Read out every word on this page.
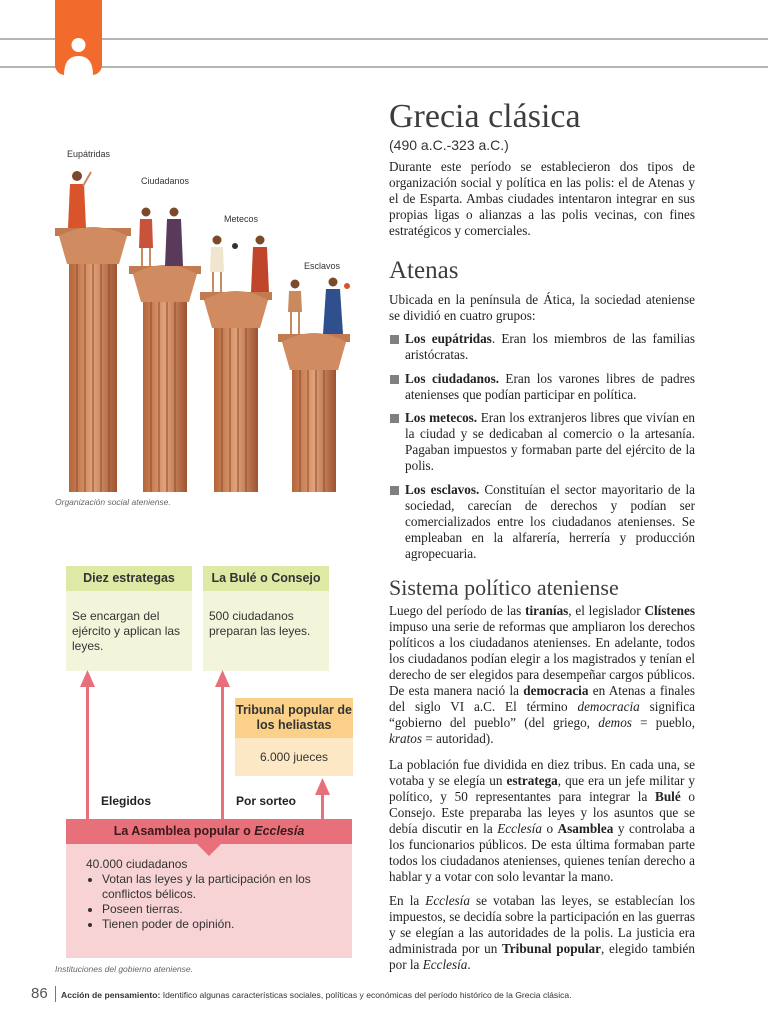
Eupátridas
Ciudadanos
Metecos
Esclavos
Organización social ateniense.
Grecia clásica
(490 a.C.-323 a.C.)
Durante este período se establecieron dos tipos de organización social y política en las polis: el de Atenas y el de Esparta. Ambas ciudades intentaron integrar en sus propias ligas o alianzas a las polis vecinas, con fines estratégicos y comerciales.
Atenas
Ubicada en la península de Ática, la sociedad ateniense se dividió en cuatro grupos:
Los eupátridas. Eran los miembros de las familias aristócratas.
Los ciudadanos. Eran los varones libres de padres atenienses que podían participar en política.
Los metecos. Eran los extranjeros libres que vivían en la ciudad y se dedicaban al comercio o la artesanía. Pagaban impuestos y formaban parte del ejército de la polis.
Los esclavos. Constituían el sector mayoritario de la sociedad, carecían de derechos y podían ser comercializados entre los ciudadanos atenienses. Se empleaban en la alfarería, herrería y producción agropecuaria.
Sistema político ateniense
Luego del período de las tiranías, el legislador Clístenes impuso una serie de reformas que ampliaron los derechos políticos a los ciudadanos atenienses. En adelante, todos los ciudadanos podían elegir a los magistrados y tenían el derecho de ser elegidos para desempeñar cargos públicos. De esta manera nació la democracia en Atenas a finales del siglo VI a.C. El término democracia significa “gobierno del pueblo” (del griego, demos = pueblo, kratos = autoridad).
La población fue dividida en diez tribus. En cada una, se votaba y se elegía un estratega, que era un jefe militar y político, y 50 representantes para integrar la Bulé o Consejo. Este preparaba las leyes y los asuntos que se debía discutir en la Ecclesía o Asamblea y controlaba a los funcionarios públicos. De esta última formaban parte todos los ciudadanos atenienses, quienes tenían derecho a hablar y a votar con solo levantar la mano.
En la Ecclesía se votaban las leyes, se establecían los impuestos, se decidía sobre la participación en las guerras y se elegían a las autoridades de la polis. La justicia era administrada por un Tribunal popular, elegido también por la Ecclesía.
Diez estrategas
Se encargan del ejército y aplican las leyes.
La Bulé o Consejo
500 ciudadanos preparan las leyes.
Tribunal popular de los heliastas
6.000 jueces
Elegidos	Por sorteo
La Asamblea popular o Ecclesía
40.000 ciudadanos
• Votan las leyes y la participación en los conflictos bélicos.
• Poseen tierras.
• Tienen poder de opinión.
Instituciones del gobierno ateniense.
86 Acción de pensamiento: Identifico algunas características sociales, políticas y económicas del período histórico de la Grecia clásica.
